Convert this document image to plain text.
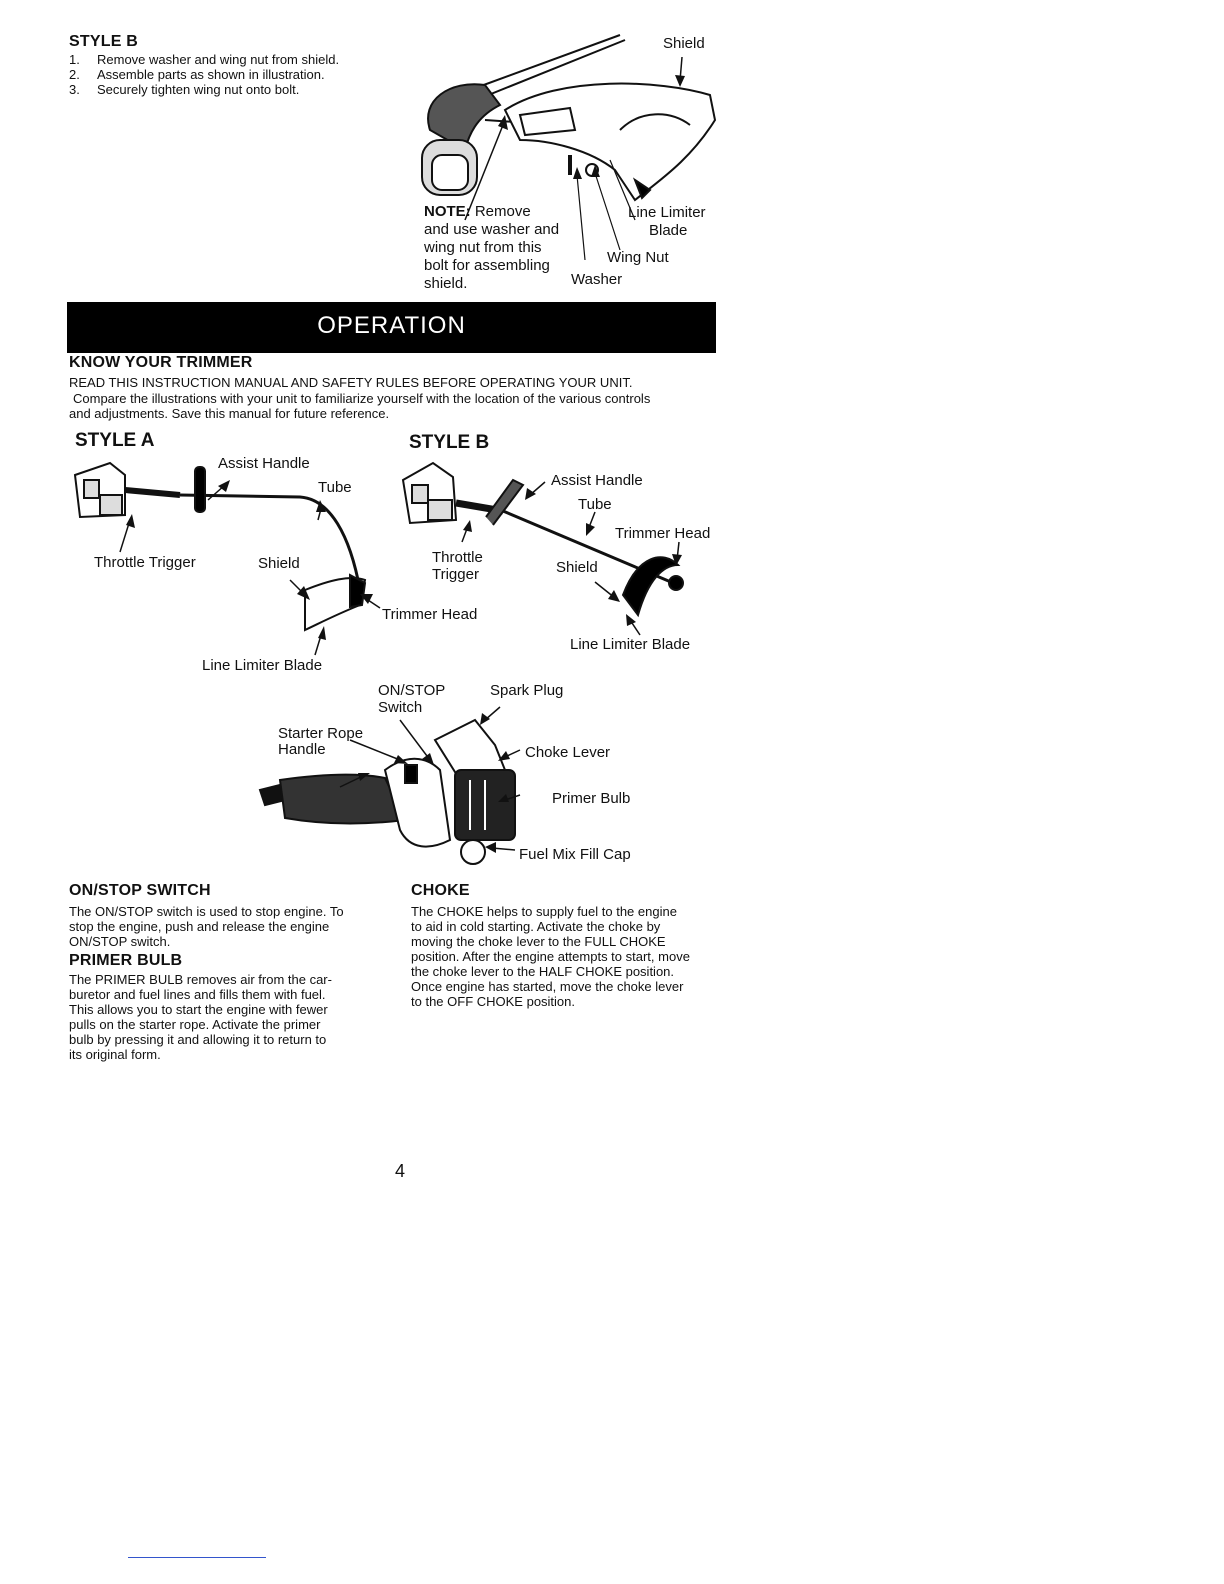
STYLE B
1. Remove washer and wing nut from shield.
2. Assemble parts as shown in illustration.
3. Securely tighten wing nut onto bolt.
Shield
NOTE: Remove
and use washer and
wing nut from this
bolt for assembling
shield.
Line Limiter
Blade
Wing Nut
Washer
OPERATION
KNOW YOUR TRIMMER
READ THIS INSTRUCTION MANUAL AND SAFETY RULES BEFORE OPERATING YOUR UNIT.
Compare the illustrations with your unit to familiarize yourself with the location of the various controls
and adjustments. Save this manual for future reference.
STYLE A
Assist Handle
Tube
Throttle Trigger	Shield
Trimmer Head
Line Limiter Blade
STYLE B
Assist Handle
Tube
Trimmer Head
Throttle
Trigger	Shield
Line Limiter Blade
ON/STOP
Switch
Spark Plug
Starter Rope
Handle	Choke Lever
Primer Bulb
Fuel Mix Fill Cap
ON/STOP SWITCH
The ON/STOP switch is used to stop engine. To
stop the engine, push and release the engine
ON/STOP switch.
PRIMER BULB
The PRIMER BULB removes air from the car-
buretor and fuel lines and fills them with fuel.
This allows you to start the engine with fewer
pulls on the starter rope. Activate the primer
bulb by pressing it and allowing it to return to
its original form.
CHOKE
The CHOKE helps to supply fuel to the engine
to aid in cold starting. Activate the choke by
moving the choke lever to the FULL CHOKE
position. After the engine attempts to start, move
the choke lever to the HALF CHOKE position.
Once engine has started, move the choke lever
to the OFF CHOKE position.
4
